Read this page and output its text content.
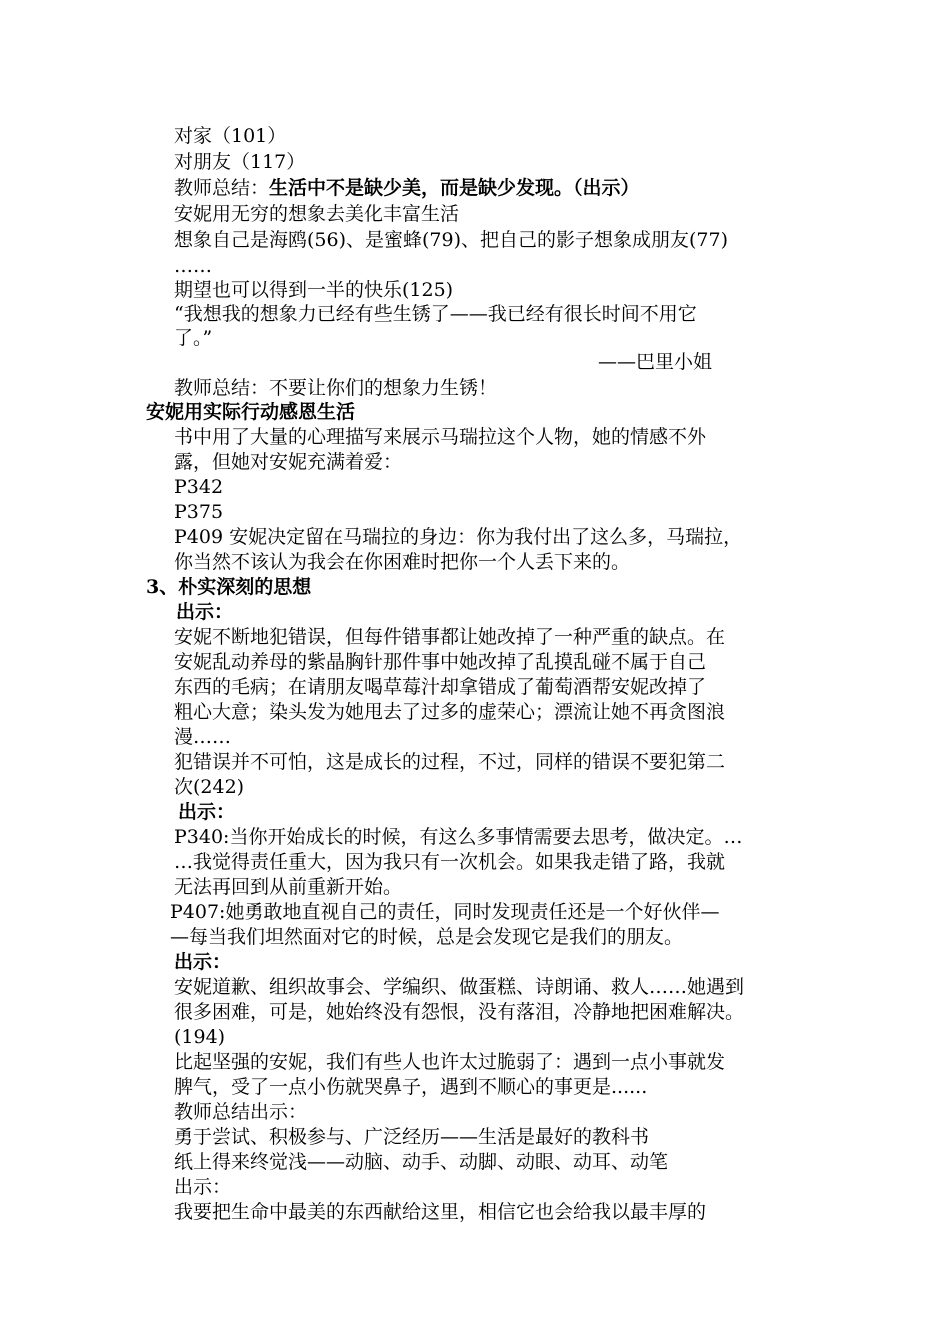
对家（101）
对朋友（117）
教师总结：生活中不是缺少美，而是缺少发现。（出示）
安妮用无穷的想象去美化丰富生活
想象自己是海鸥(56)、是蜜蜂(79)、把自己的影子想象成朋友(77)
……
期望也可以得到一半的快乐(125)
“我想我的想象力已经有些生锈了——我已经有很长时间不用它
了。”
——巴里小姐
教师总结：不要让你们的想象力生锈！
安妮用实际行动感恩生活
书中用了大量的心理描写来展示马瑞拉这个人物，她的情感不外
露，但她对安妮充满着爱：
P342
P375
P409 安妮决定留在马瑞拉的身边：你为我付出了这么多，马瑞拉，
你当然不该认为我会在你困难时把你一个人丢下来的。
3、朴实深刻的思想
出示：
安妮不断地犯错误，但每件错事都让她改掉了一种严重的缺点。在
安妮乱动养母的紫晶胸针那件事中她改掉了乱摸乱碰不属于自己
东西的毛病；在请朋友喝草莓汁却拿错成了葡萄酒帮安妮改掉了
粗心大意；染头发为她甩去了过多的虚荣心；漂流让她不再贪图浪
漫……
犯错误并不可怕，这是成长的过程，不过，同样的错误不要犯第二
次(242)
出示：
P340:当你开始成长的时候，有这么多事情需要去思考，做决定。…
…我觉得责任重大，因为我只有一次机会。如果我走错了路，我就
无法再回到从前重新开始。
P407:她勇敢地直视自己的责任，同时发现责任还是一个好伙伴—
—每当我们坦然面对它的时候，总是会发现它是我们的朋友。
出示：
安妮道歉、组织故事会、学编织、做蛋糕、诗朗诵、救人……她遇到
很多困难，可是，她始终没有怨恨，没有落泪，冷静地把困难解决。
(194)
比起坚强的安妮，我们有些人也许太过脆弱了：遇到一点小事就发
脾气，受了一点小伤就哭鼻子，遇到不顺心的事更是......
教师总结出示：
勇于尝试、积极参与、广泛经历——生活是最好的教科书
纸上得来终觉浅——动脑、动手、动脚、动眼、动耳、动笔
出示：
我要把生命中最美的东西献给这里，相信它也会给我以最丰厚的
